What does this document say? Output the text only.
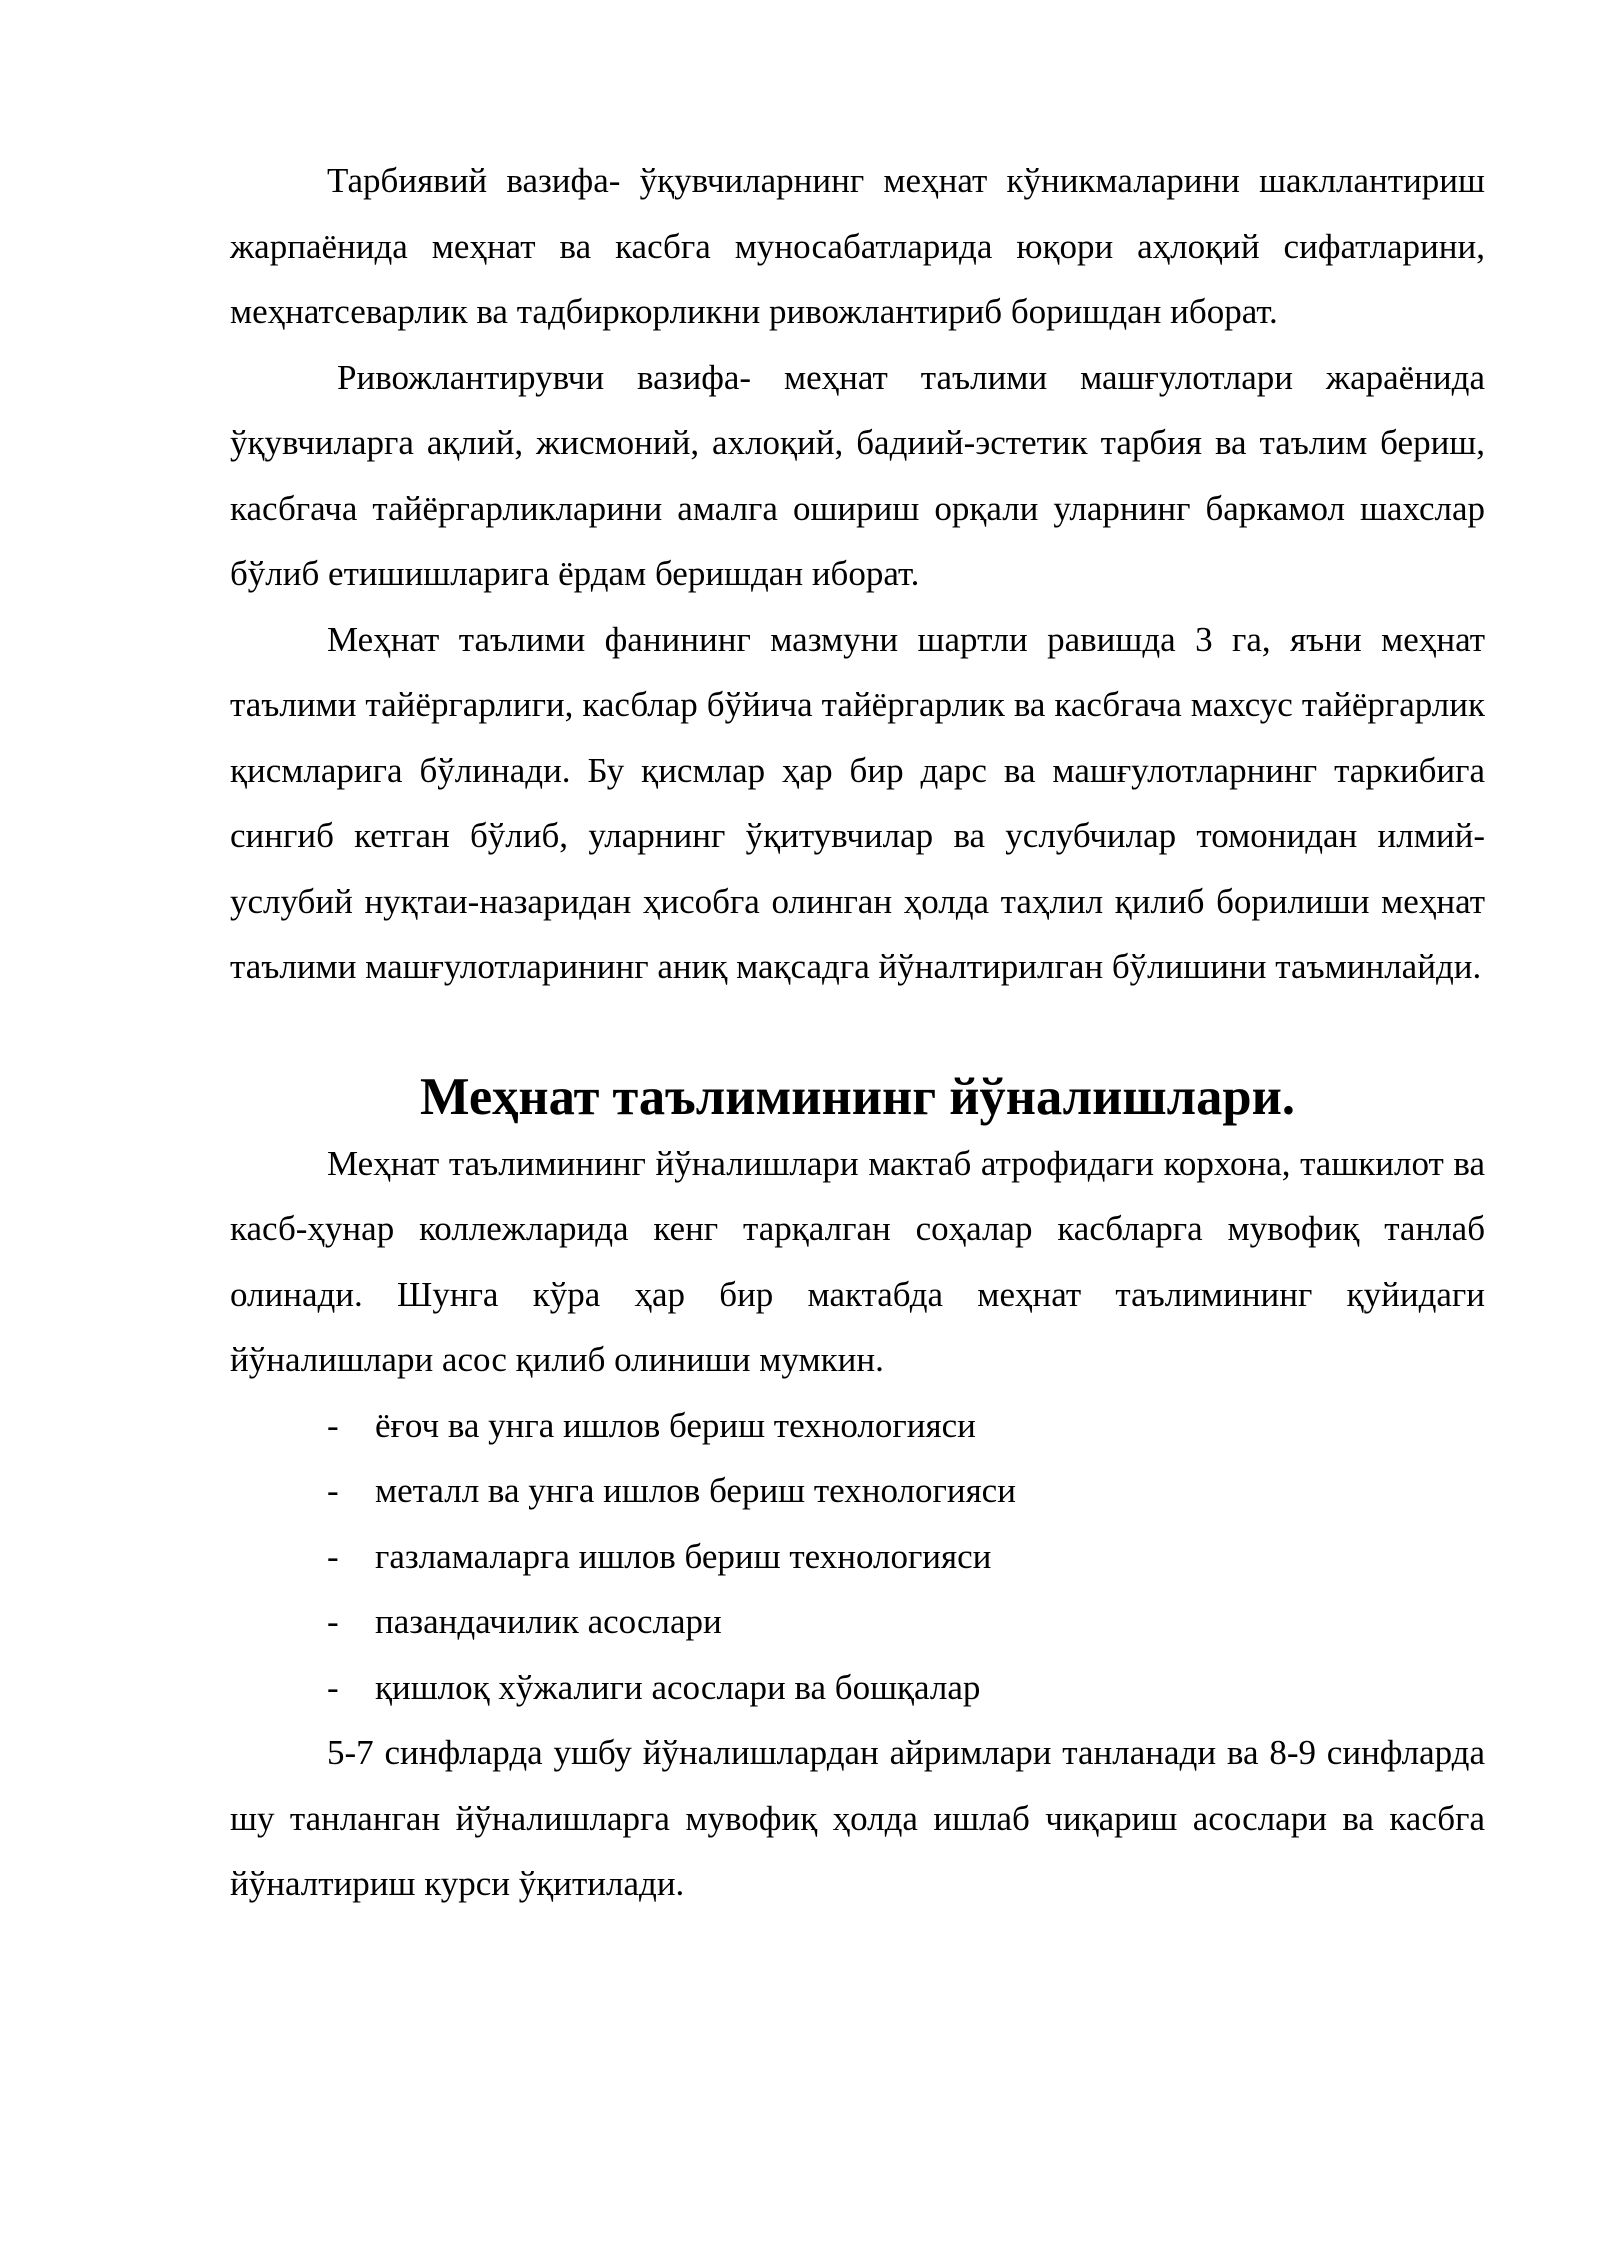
Тарбиявий вазифа- ўқувчиларнинг меҳнат кўникмаларини шакллантириш жарпаёнида меҳнат ва касбга муносабатларида юқори аҳлоқий сифатларини, меҳнатсеварлик ва тадбиркорликни ривожлантириб боришдан иборат.

Ривожлантирувчи вазифа- меҳнат таълими машғулотлари жараёнида ўқувчиларга ақлий, жисмоний, ахлоқий, бадиий-эстетик тарбия ва таълим бериш, касбгача тайёргарликларини амалга ошириш орқали уларнинг баркамол шахслар бўлиб етишишларига ёрдам беришдан иборат.

Меҳнат таълими фанининг мазмуни шартли равишда 3 га, яъни меҳнат таълими тайёргарлиги, касблар бўйича тайёргарлик ва касбгача махсус тайёргарлик қисмларига бўлинади. Бу қисмлар ҳар бир дарс ва машғулотларнинг таркибига сингиб кетган бўлиб, уларнинг ўқитувчилар ва услубчилар томонидан илмий-услубий нуқтаи-назаридан ҳисобга олинган ҳолда таҳлил қилиб борилиши меҳнат таълими машғулотларининг аниқ мақсадга йўналтирилган бўлишини таъминлайди.

Меҳнат таълимининг йўналишлари.

Меҳнат таълимининг йўналишлари мактаб атрофидаги корхона, ташкилот ва касб-ҳунар коллежларида кенг тарқалган соҳалар касбларга мувофиқ танлаб олинади. Шунга кўра ҳар бир мактабда меҳнат таълимининг қуйидаги йўналишлари асос қилиб олиниши мумкин.

- ёғоч ва унга ишлов бериш технологияси
- металл ва унга ишлов бериш технологияси
- газламаларга ишлов бериш технологияси
- пазандачилик асослари
- қишлоқ хўжалиги асослари ва бошқалар

5-7 синфларда ушбу йўналишлардан айримлари танланади ва 8-9 синфларда шу танланган йўналишларга мувофиқ ҳолда ишлаб чиқариш асослари ва касбга йўналтириш курси ўқитилади.
